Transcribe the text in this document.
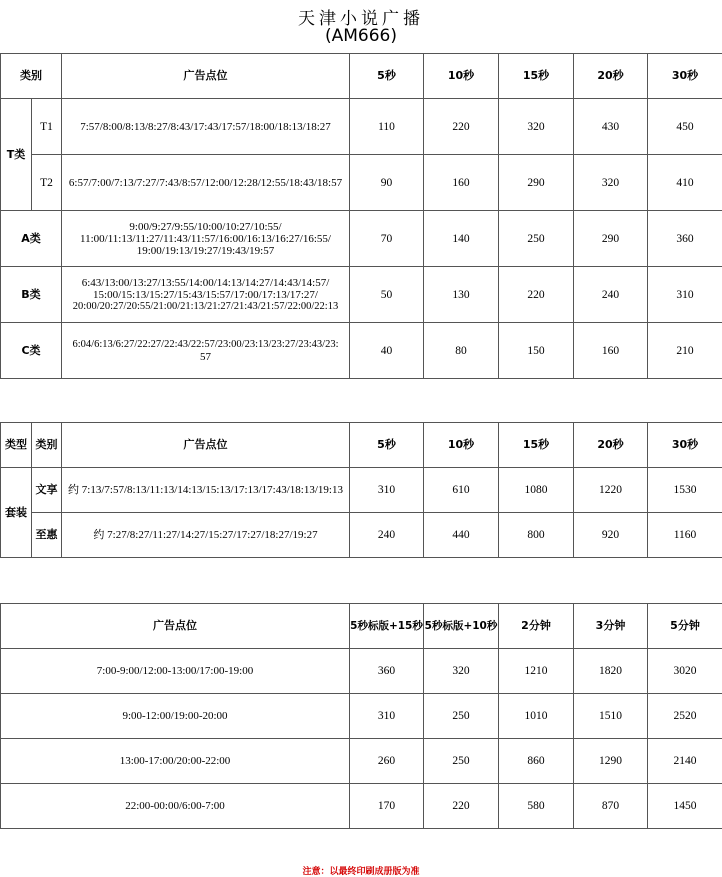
天津小说广播
(AM666)
类别		广告点位	5秒	10秒	15秒	20秒	30秒
T类	T1	7:57/8:00/8:13/8:27/8:43/17:43/17:57/18:00/18:13/18:27	110	220	320	430	450
	T2	6:57/7:00/7:13/7:27/7:43/8:57/12:00/12:28/12:55/18:43/18:57	90	160	290	320	410
A类		9:00/9:27/9:55/10:00/10:27/10:55/
11:00/11:13/11:27/11:43/11:57/16:00/16:13/16:27/16:55/
19:00/19:13/19:27/19:43/19:57	70	140	250	290	360
B类		6:43/13:00/13:27/13:55/14:00/14:13/14:27/14:43/14:57/
15:00/15:13/15:27/15:43/15:57/17:00/17:13/17:27/
20:00/20:27/20:55/21:00/21:13/21:27/21:43/21:57/22:00/22:13	50	130	220	240	310
C类		6:04/6:13/6:27/22:27/22:43/22:57/23:00/23:13/23:27/23:43/23:
57	40	80	150	160	210
类型	类别	广告点位	5秒	10秒	15秒	20秒	30秒
套装	文享	约 7:13/7:57/8:13/11:13/14:13/15:13/17:13/17:43/18:13/19:13	310	610	1080	1220	1530
	至惠	约 7:27/8:27/11:27/14:27/15:27/17:27/18:27/19:27	240	440	800	920	1160
广告点位	5秒标版+15秒	5秒标版+10秒	2分钟	3分钟	5分钟
7:00-9:00/12:00-13:00/17:00-19:00	360	320	1210	1820	3020
9:00-12:00/19:00-20:00	310	250	1010	1510	2520
13:00-17:00/20:00-22:00	260	250	860	1290	2140
22:00-00:00/6:00-7:00	170	220	580	870	1450
注意：以最终印刷成册版为准
